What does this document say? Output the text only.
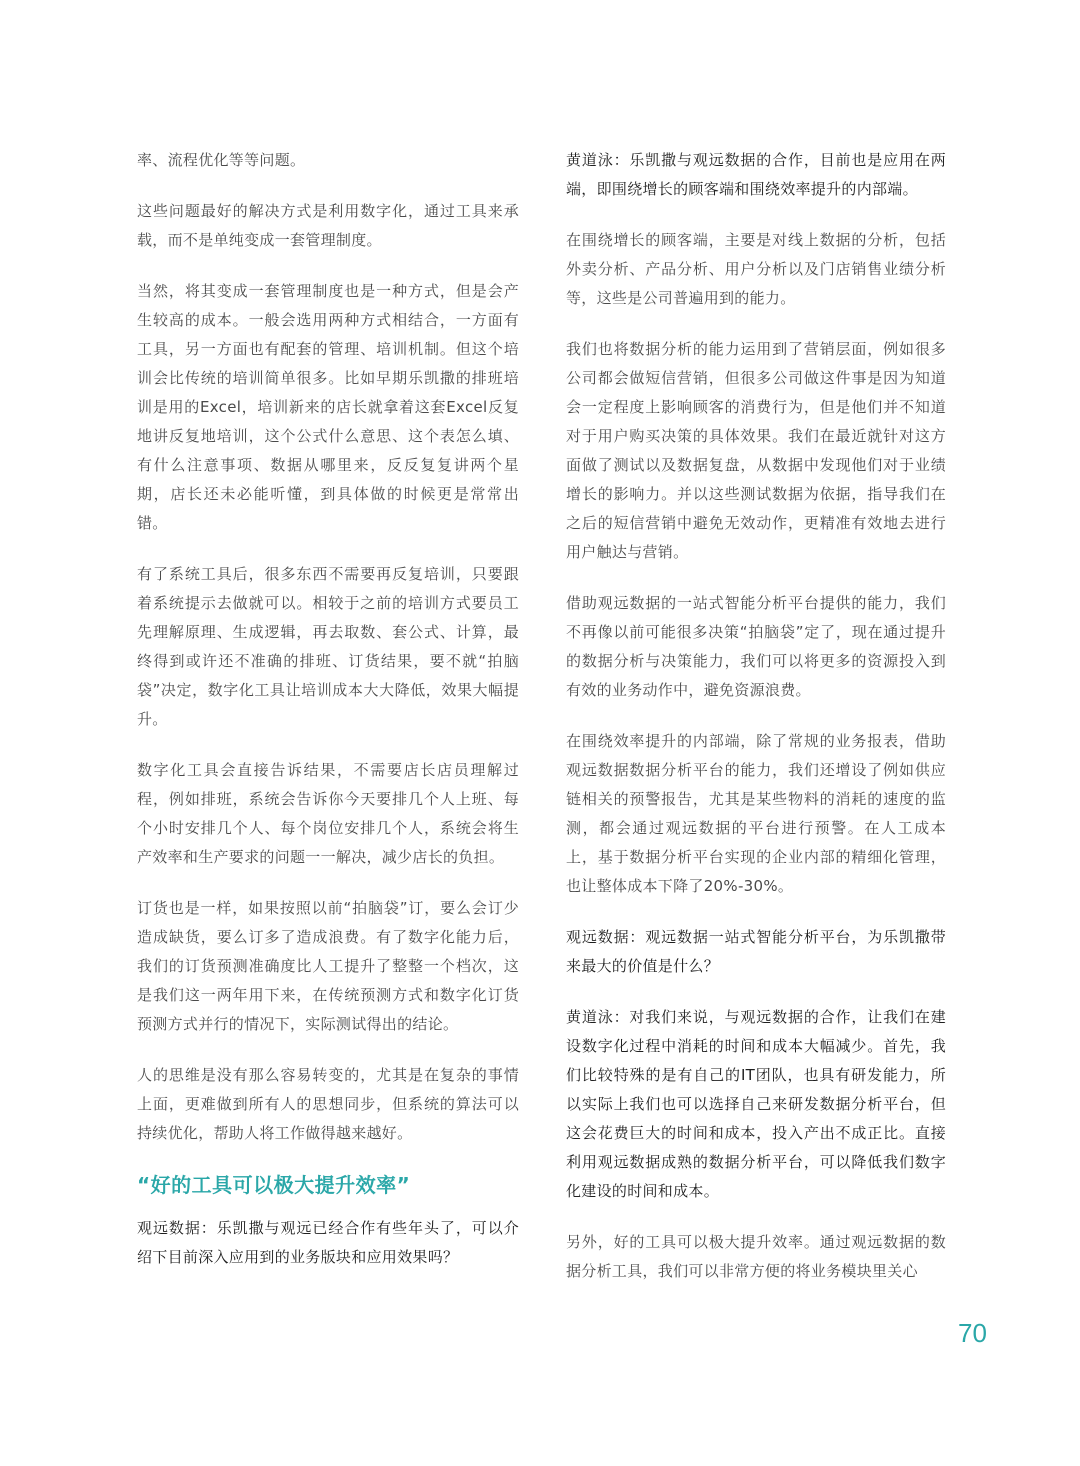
率、流程优化等等问题。

这些问题最好的解决方式是利用数字化，通过工具来承载，而不是单纯变成一套管理制度。

当然，将其变成一套管理制度也是一种方式，但是会产生较高的成本。一般会选用两种方式相结合，一方面有工具，另一方面也有配套的管理、培训机制。但这个培训会比传统的培训简单很多。比如早期乐凯撒的排班培训是用的Excel，培训新来的店长就拿着这套Excel反复地讲反复地培训，这个公式什么意思、这个表怎么填、有什么注意事项、数据从哪里来，反反复复讲两个星期，店长还未必能听懂，到具体做的时候更是常常出错。

有了系统工具后，很多东西不需要再反复培训，只要跟着系统提示去做就可以。相较于之前的培训方式要员工先理解原理、生成逻辑，再去取数、套公式、计算，最终得到或许还不准确的排班、订货结果，要不就“拍脑袋”决定，数字化工具让培训成本大大降低，效果大幅提升。

数字化工具会直接告诉结果，不需要店长店员理解过程，例如排班，系统会告诉你今天要排几个人上班、每个小时安排几个人、每个岗位安排几个人，系统会将生产效率和生产要求的问题一一解决，减少店长的负担。

订货也是一样，如果按照以前“拍脑袋”订，要么会订少造成缺货，要么订多了造成浪费。有了数字化能力后，我们的订货预测准确度比人工提升了整整一个档次，这是我们这一两年用下来，在传统预测方式和数字化订货预测方式并行的情况下，实际测试得出的结论。

人的思维是没有那么容易转变的，尤其是在复杂的事情上面，更难做到所有人的思想同步，但系统的算法可以持续优化，帮助人将工作做得越来越好。

“好的工具可以极大提升效率”

观远数据：乐凯撒与观远已经合作有些年头了，可以介绍下目前深入应用到的业务版块和应用效果吗？

黄道泳：乐凯撒与观远数据的合作，目前也是应用在两端，即围绕增长的顾客端和围绕效率提升的内部端。

在围绕增长的顾客端，主要是对线上数据的分析，包括外卖分析、产品分析、用户分析以及门店销售业绩分析等，这些是公司普遍用到的能力。

我们也将数据分析的能力运用到了营销层面，例如很多公司都会做短信营销，但很多公司做这件事是因为知道会一定程度上影响顾客的消费行为，但是他们并不知道对于用户购买决策的具体效果。我们在最近就针对这方面做了测试以及数据复盘，从数据中发现他们对于业绩增长的影响力。并以这些测试数据为依据，指导我们在之后的短信营销中避免无效动作，更精准有效地去进行用户触达与营销。

借助观远数据的一站式智能分析平台提供的能力，我们不再像以前可能很多决策“拍脑袋”定了，现在通过提升的数据分析与决策能力，我们可以将更多的资源投入到有效的业务动作中，避免资源浪费。

在围绕效率提升的内部端，除了常规的业务报表，借助观远数据数据分析平台的能力，我们还增设了例如供应链相关的预警报告，尤其是某些物料的消耗的速度的监测，都会通过观远数据的平台进行预警。在人工成本上，基于数据分析平台实现的企业内部的精细化管理，也让整体成本下降了20%-30%。

观远数据：观远数据一站式智能分析平台，为乐凯撒带来最大的价值是什么？

黄道泳：对我们来说，与观远数据的合作，让我们在建设数字化过程中消耗的时间和成本大幅减少。首先，我们比较特殊的是有自己的IT团队，也具有研发能力，所以实际上我们也可以选择自己来研发数据分析平台，但这会花费巨大的时间和成本，投入产出不成正比。直接利用观远数据成熟的数据分析平台，可以降低我们数字化建设的时间和成本。

另外，好的工具可以极大提升效率。通过观远数据的数据分析工具，我们可以非常方便的将业务模块里关心

70
